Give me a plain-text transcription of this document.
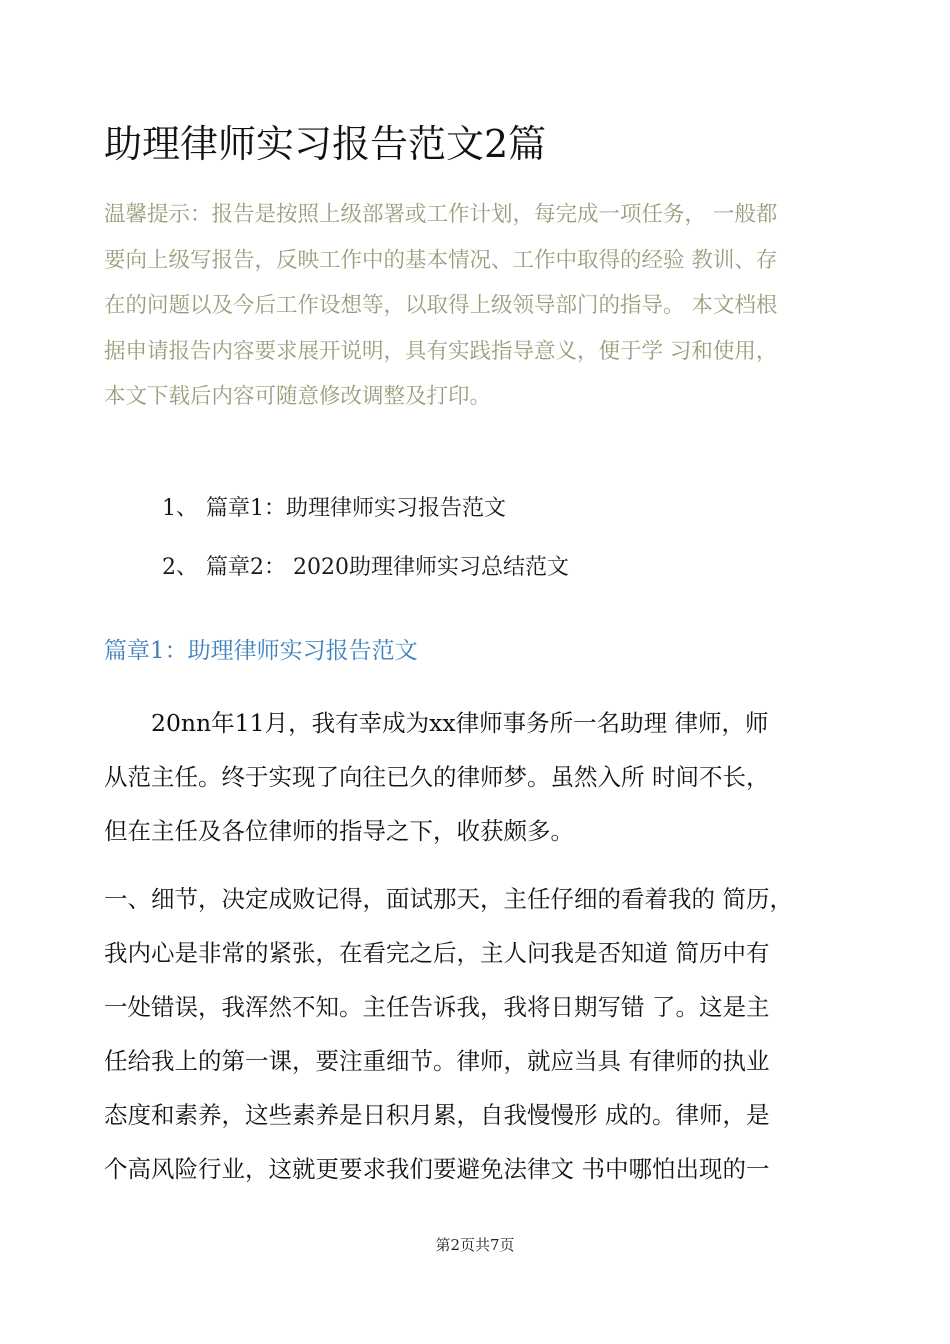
助理律师实习报告范文2篇
温馨提示：报告是按照上级部署或工作计划，每完成一项任务， 一般都
要向上级写报告，反映工作中的基本情况、工作中取得的经验 教训、存
在的问题以及今后工作设想等，以取得上级领导部门的指导。 本文档根
据申请报告内容要求展开说明，具有实践指导意义，便于学 习和使用，
本文下载后内容可随意修改调整及打印。
1、 篇章1：助理律师实习报告范文
2、 篇章2： 2020助理律师实习总结范文
篇章1：助理律师实习报告范文
　　20nn年11月，我有幸成为xx律师事务所一名助理 律师，师
从范主任。终于实现了向往已久的律师梦。虽然入所 时间不长，
但在主任及各位律师的指导之下，收获颇多。
一、细节，决定成败记得，面试那天，主任仔细的看着我的 简历，
我内心是非常的紧张，在看完之后，主人问我是否知道 简历中有
一处错误，我浑然不知。主任告诉我，我将日期写错 了。这是主
任给我上的第一课，要注重细节。律师，就应当具 有律师的执业
态度和素养，这些素养是日积月累，自我慢慢形 成的。律师，是
个高风险行业，这就更要求我们要避免法律文 书中哪怕出现的一
第2页共7页
